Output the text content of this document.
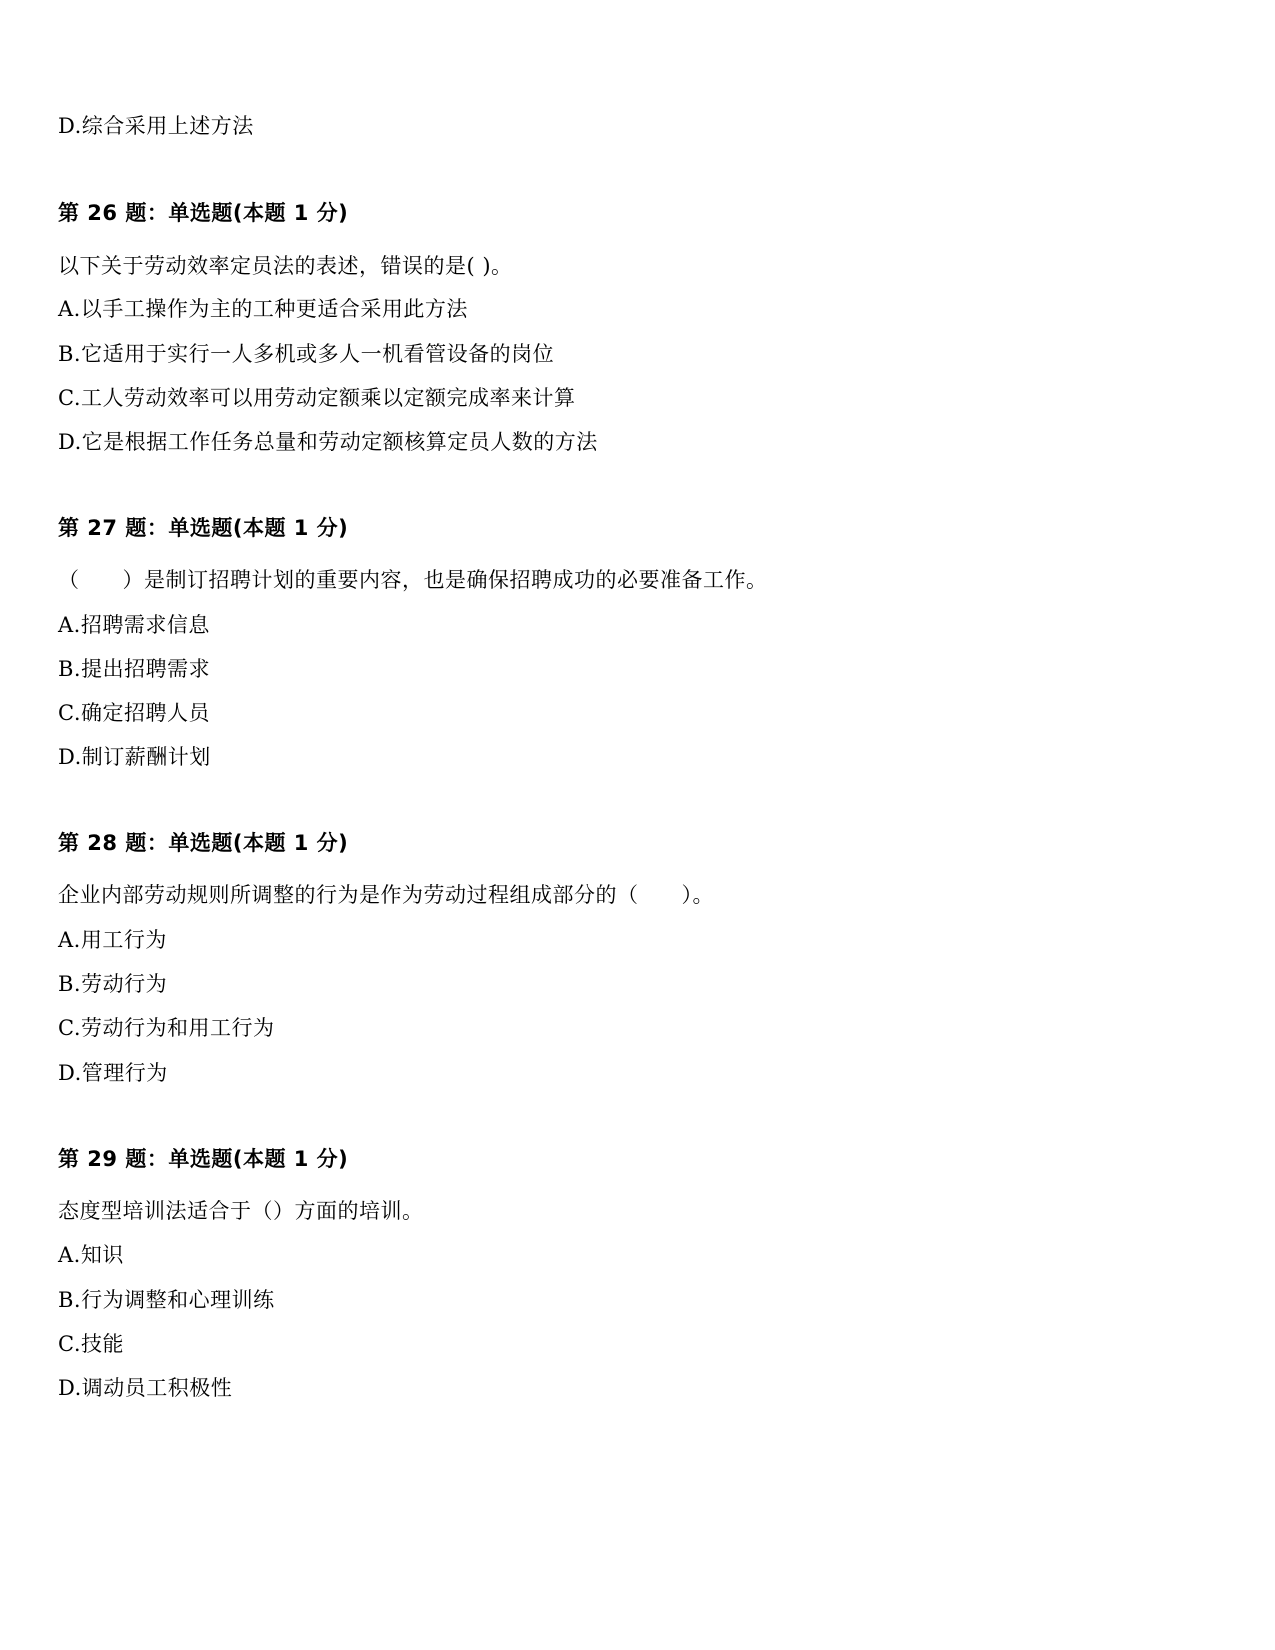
D.综合采用上述方法
第 26 题：单选题(本题 1 分)
以下关于劳动效率定员法的表述，错误的是( )。
A.以手工操作为主的工种更适合采用此方法
B.它适用于实行一人多机或多人一机看管设备的岗位
C.工人劳动效率可以用劳动定额乘以定额完成率来计算
D.它是根据工作任务总量和劳动定额核算定员人数的方法
第 27 题：单选题(本题 1 分)
（　　）是制订招聘计划的重要内容，也是确保招聘成功的必要准备工作。
A.招聘需求信息
B.提出招聘需求
C.确定招聘人员
D.制订薪酬计划
第 28 题：单选题(本题 1 分)
企业内部劳动规则所调整的行为是作为劳动过程组成部分的（　　）。
A.用工行为
B.劳动行为
C.劳动行为和用工行为
D.管理行为
第 29 题：单选题(本题 1 分)
态度型培训法适合于（）方面的培训。
A.知识
B.行为调整和心理训练
C.技能
D.调动员工积极性
